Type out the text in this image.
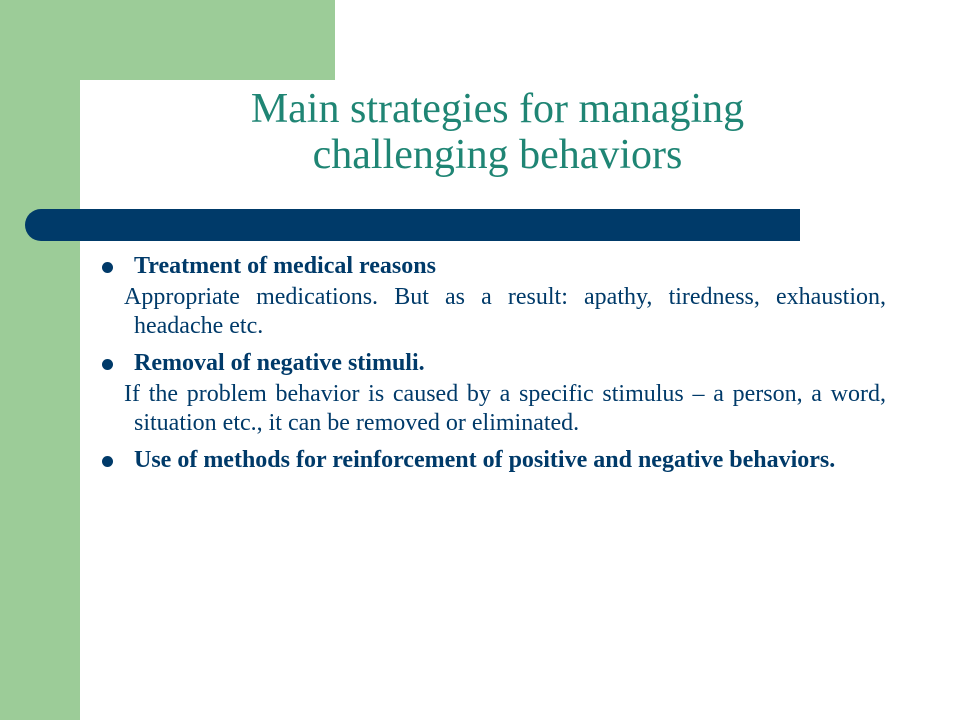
Main strategies for managing
challenging behaviors
Treatment of medical reasons
Appropriate medications. But as a result: apathy, tiredness, exhaustion, headache etc.
Removal of negative stimuli.
If the problem behavior is caused by a specific stimulus – a person, a word, situation etc., it can be removed or eliminated.
Use of methods for reinforcement of positive and negative behaviors.
